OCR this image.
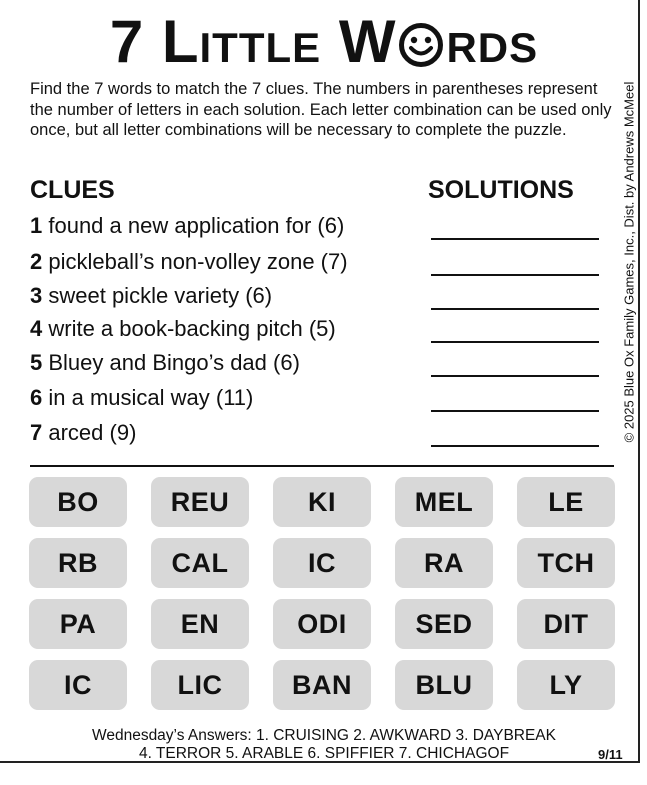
7 Little W rds
Find the 7 words to match the 7 clues. The numbers in parentheses represent the number of letters in each solution. Each letter combination can be used only once, but all letter combinations will be necessary to complete the puzzle.	© 2025 Blue Ox Family Games, Inc., Dist. by Andrews McMeel
CLUES	SOLUTIONS
1 found a new application for (6)
2 pickleball’s non-volley zone (7)
3 sweet pickle variety (6)
4 write a book-backing pitch (5)
5 Bluey and Bingo’s dad (6)
6 in a musical way (11)
7 arced (9)
BO	REU	KI	MEL	LE
RB	CAL	IC	RA	TCH
PA	EN	ODI	SED	DIT
IC	LIC	BAN	BLU	LY
Wednesday’s Answers: 1. CRUISING 2. AWKWARD 3. DAYBREAK
4. TERROR 5. ARABLE 6. SPIFFIER 7. CHICHAGOF	9/11
